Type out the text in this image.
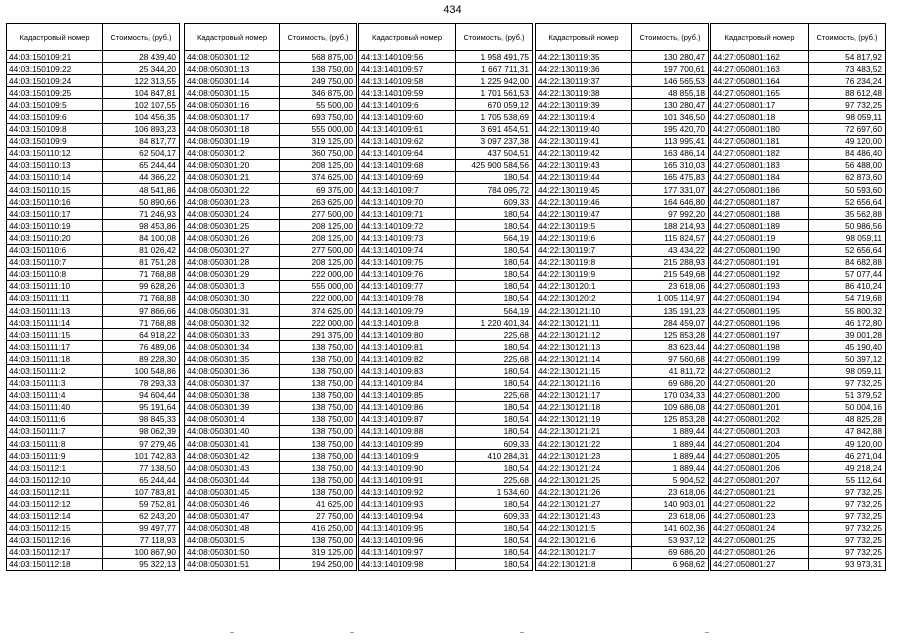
434
Кадастровый номер	Стоимость, (руб.)
44:03:150109:21	28 439,40
44:03:150109:22	25 344,20
44:03:150109:24	122 313,55
44:03:150109:25	104 847,81
44:03:150109:5	102 107,55
44:03:150109:6	104 456,35
44:03:150109:8	106 893,23
44:03:150109:9	84 817,77
44:03:150110:12	62 504,17
44:03:150110:13	65 244,44
44:03:150110:14	44 366,22
44:03:150110:15	48 541,86
44:03:150110:16	50 890,66
44:03:150110:17	71 246,93
44:03:150110:19	98 453,86
44:03:150110:20	84 100,08
44:03:150110:6	81 026,42
44:03:150110:7	81 751,28
44:03:150110:8	71 768,88
44:03:150111:10	99 628,26
44:03:150111:11	71 768,88
44:03:150111:13	97 866,66
44:03:150111:14	71 768,88
44:03:150111:15	64 918,22
44:03:150111:17	76 489,06
44:03:150111:18	89 228,30
44:03:150111:2	100 548,86
44:03:150111:3	78 293,33
44:03:150111:4	94 604,44
44:03:150111:40	95 191,64
44:03:150111:6	98 845,33
44:03:150111:7	98 062,39
44:03:150111:8	97 279,46
44:03:150111:9	101 742,83
44:03:150112:1	77 138,50
44:03:150112:10	65 244,44
44:03:150112:11	107 783,81
44:03:150112:12	59 752,81
44:03:150112:14	62 243,20
44:03:150112:15	99 497,77
44:03:150112:16	77 118,93
44:03:150112:17	100 867,90
44:03:150112:18	95 322,13
Кадастровый номер	Стоимость, (руб.)
44:08:050301:12	568 875,00
44:08:050301:13	138 750,00
44:08:050301:14	249 750,00
44:08:050301:15	346 875,00
44:08:050301:16	55 500,00
44:08:050301:17	693 750,00
44:08:050301:18	555 000,00
44:08:050301:19	319 125,00
44:08:050301:2	360 750,00
44:08:050301:20	208 125,00
44:08:050301:21	374 625,00
44:08:050301:22	69 375,00
44:08:050301:23	263 625,00
44:08:050301:24	277 500,00
44:08:050301:25	208 125,00
44:08:050301:26	208 125,00
44:08:050301:27	277 500,00
44:08:050301:28	208 125,00
44:08:050301:29	222 000,00
44:08:050301:3	555 000,00
44:08:050301:30	222 000,00
44:08:050301:31	374 625,00
44:08:050301:32	222 000,00
44:08:050301:33	291 375,00
44:08:050301:34	138 750,00
44:08:050301:35	138 750,00
44:08:050301:36	138 750,00
44:08:050301:37	138 750,00
44:08:050301:38	138 750,00
44:08:050301:39	138 750,00
44:08:050301:4	138 750,00
44:08:050301:40	138 750,00
44:08:050301:41	138 750,00
44:08:050301:42	138 750,00
44:08:050301:43	138 750,00
44:08:050301:44	138 750,00
44:08:050301:45	138 750,00
44:08:050301:46	41 625,00
44:08:050301:47	27 750,00
44:08:050301:48	416 250,00
44:08:050301:5	138 750,00
44:08:050301:50	319 125,00
44:08:050301:51	194 250,00
Кадастровый номер	Стоимость, (руб.)
44:13:140109:56	1 958 491,75
44:13:140109:57	1 667 711,31
44:13:140109:58	1 225 942,00
44:13:140109:59	1 701 561,53
44:13:140109:6	670 059,12
44:13:140109:60	1 705 538,69
44:13:140109:61	3 691 454,51
44:13:140109:62	3 097 237,38
44:13:140109:64	437 504,51
44:13:140109:68	425 900 584,56
44:13:140109:69	180,54
44:13:140109:7	784 095,72
44:13:140109:70	609,33
44:13:140109:71	180,54
44:13:140109:72	180,54
44:13:140109:73	564,19
44:13:140109:74	180,54
44:13:140109:75	180,54
44:13:140109:76	180,54
44:13:140109:77	180,54
44:13:140109:78	180,54
44:13:140109:79	564,19
44:13:140109:8	1 220 401,34
44:13:140109:80	225,68
44:13:140109:81	180,54
44:13:140109:82	225,68
44:13:140109:83	180,54
44:13:140109:84	180,54
44:13:140109:85	225,68
44:13:140109:86	180,54
44:13:140109:87	180,54
44:13:140109:88	180,54
44:13:140109:89	609,33
44:13:140109:9	410 284,31
44:13:140109:90	180,54
44:13:140109:91	225,68
44:13:140109:92	1 534,60
44:13:140109:93	180,54
44:13:140109:94	609,33
44:13:140109:95	180,54
44:13:140109:96	180,54
44:13:140109:97	180,54
44:13:140109:98	180,54
Кадастровый номер	Стоимость, (руб.)
44:22:130119:35	130 280,47
44:22:130119:36	197 700,61
44:22:130119:37	146 565,53
44:22:130119:38	48 855,18
44:22:130119:39	130 280,47
44:22:130119:4	101 346,50
44:22:130119:40	195 420,70
44:22:130119:41	113 995,41
44:22:130119:42	163 486,14
44:22:130119:43	165 310,03
44:22:130119:44	165 475,83
44:22:130119:45	177 331,07
44:22:130119:46	164 646,80
44:22:130119:47	97 992,20
44:22:130119:5	188 214,93
44:22:130119:6	115 824,57
44:22:130119:7	43 434,22
44:22:130119:8	215 288,93
44:22:130119:9	215 549,68
44:22:130120:1	23 618,06
44:22:130120:2	1 005 114,97
44:22:130121:10	135 191,23
44:22:130121:11	284 459,07
44:22:130121:12	125 853,28
44:22:130121:13	83 623,44
44:22:130121:14	97 560,68
44:22:130121:15	41 811,72
44:22:130121:16	69 686,20
44:22:130121:17	170 034,33
44:22:130121:18	109 686,08
44:22:130121:19	125 853,28
44:22:130121:21	1 889,44
44:22:130121:22	1 889,44
44:22:130121:23	1 889,44
44:22:130121:24	1 889,44
44:22:130121:25	5 904,52
44:22:130121:26	23 618,06
44:22:130121:27	140 903,01
44:22:130121:43	23 618,06
44:22:130121:5	141 602,36
44:22:130121:6	53 937,12
44:22:130121:7	69 686,20
44:22:130121:8	6 968,62
Кадастровый номер	Стоимость, (руб.)
44:27:050801:162	54 817,92
44:27:050801:163	73 483,52
44:27:050801:164	76 234,24
44:27:050801:165	88 612,48
44:27:050801:17	97 732,25
44:27:050801:18	98 059,11
44:27:050801:180	72 697,60
44:27:050801:181	49 120,00
44:27:050801:182	84 486,40
44:27:050801:183	56 488,00
44:27:050801:184	62 873,60
44:27:050801:186	50 593,60
44:27:050801:187	52 656,64
44:27:050801:188	35 562,88
44:27:050801:189	50 986,56
44:27:050801:19	98 059,11
44:27:050801:190	52 656,64
44:27:050801:191	84 682,88
44:27:050801:192	57 077,44
44:27:050801:193	86 410,24
44:27:050801:194	54 719,68
44:27:050801:195	55 800,32
44:27:050801:196	46 172,80
44:27:050801:197	39 001,28
44:27:050801:198	45 190,40
44:27:050801:199	50 397,12
44:27:050801:2	98 059,11
44:27:050801:20	97 732,25
44:27:050801:200	51 379,52
44:27:050801:201	50 004,16
44:27:050801:202	48 825,28
44:27:050801:203	47 842,88
44:27:050801:204	49 120,00
44:27:050801:205	46 271,04
44:27:050801:206	49 218,24
44:27:050801:207	55 112,64
44:27:050801:21	97 732,25
44:27:050801:22	97 732,25
44:27:050801:23	97 732,25
44:27:050801:24	97 732,25
44:27:050801:25	97 732,25
44:27:050801:26	97 732,25
44:27:050801:27	93 973,31
